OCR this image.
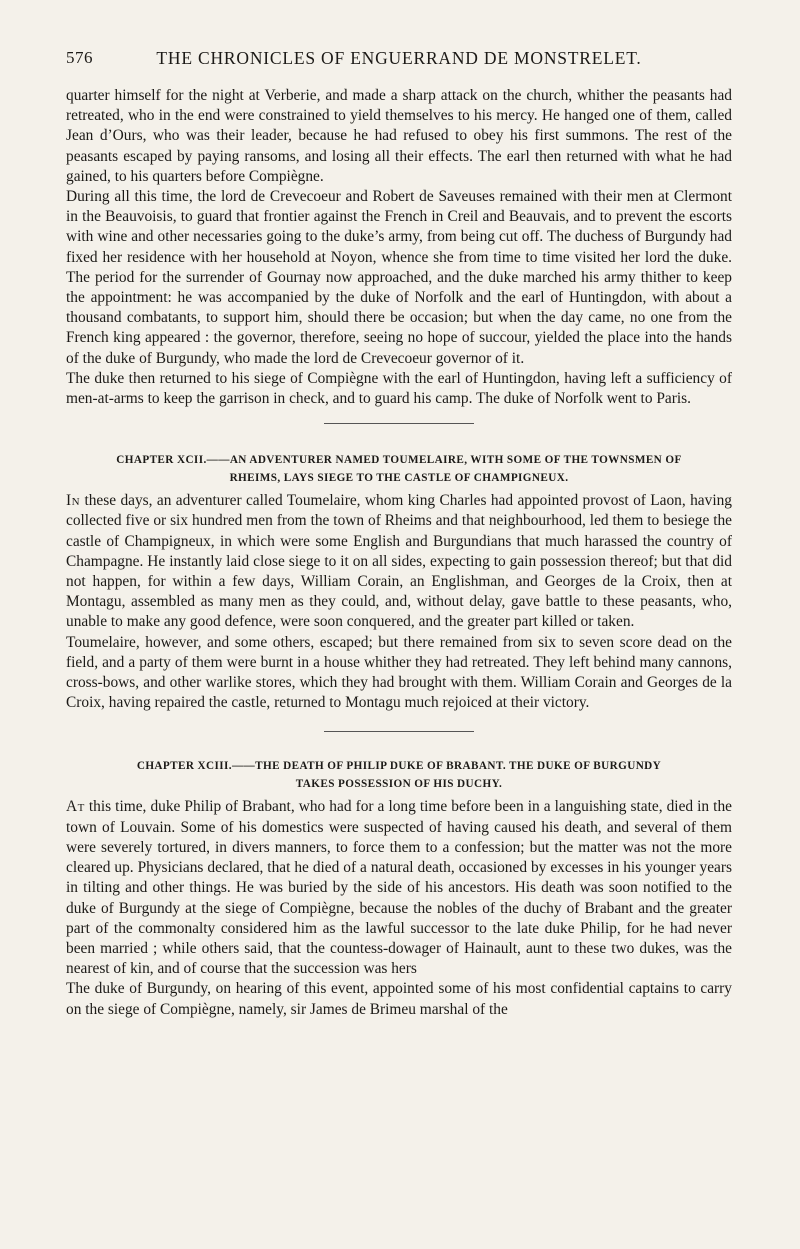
576	THE CHRONICLES OF ENGUERRAND DE MONSTRELET.

quarter himself for the night at Verberie, and made a sharp attack on the church, whither the peasants had retreated, who in the end were constrained to yield themselves to his mercy. He hanged one of them, called Jean d’Ours, who was their leader, because he had refused to obey his first summons. The rest of the peasants escaped by paying ransoms, and losing all their effects. The earl then returned with what he had gained, to his quarters before Compiègne.

During all this time, the lord de Crevecoeur and Robert de Saveuses remained with their men at Clermont in the Beauvoisis, to guard that frontier against the French in Creil and Beauvais, and to prevent the escorts with wine and other necessaries going to the duke’s army, from being cut off. The duchess of Burgundy had fixed her residence with her household at Noyon, whence she from time to time visited her lord the duke. The period for the surrender of Gournay now approached, and the duke marched his army thither to keep the appointment: he was accompanied by the duke of Norfolk and the earl of Huntingdon, with about a thousand combatants, to support him, should there be occasion; but when the day came, no one from the French king appeared : the governor, therefore, seeing no hope of succour, yielded the place into the hands of the duke of Burgundy, who made the lord de Crevecoeur governor of it.

The duke then returned to his siege of Compiègne with the earl of Huntingdon, having left a sufficiency of men-at-arms to keep the garrison in check, and to guard his camp. The duke of Norfolk went to Paris.

CHAPTER XCII.——AN ADVENTURER NAMED TOUMELAIRE, WITH SOME OF THE TOWNSMEN OF
RHEIMS, LAYS SIEGE TO THE CASTLE OF CHAMPIGNEUX.

In these days, an adventurer called Toumelaire, whom king Charles had appointed provost of Laon, having collected five or six hundred men from the town of Rheims and that neighbourhood, led them to besiege the castle of Champigneux, in which were some English and Burgundians that much harassed the country of Champagne. He instantly laid close siege to it on all sides, expecting to gain possession thereof; but that did not happen, for within a few days, William Corain, an Englishman, and Georges de la Croix, then at Montagu, assembled as many men as they could, and, without delay, gave battle to these peasants, who, unable to make any good defence, were soon conquered, and the greater part killed or taken.

Toumelaire, however, and some others, escaped; but there remained from six to seven score dead on the field, and a party of them were burnt in a house whither they had retreated. They left behind many cannons, cross-bows, and other warlike stores, which they had brought with them. William Corain and Georges de la Croix, having repaired the castle, returned to Montagu much rejoiced at their victory.

CHAPTER XCIII.——THE DEATH OF PHILIP DUKE OF BRABANT. THE DUKE OF BURGUNDY
TAKES POSSESSION OF HIS DUCHY.

At this time, duke Philip of Brabant, who had for a long time before been in a languishing state, died in the town of Louvain. Some of his domestics were suspected of having caused his death, and several of them were severely tortured, in divers manners, to force them to a confession; but the matter was not the more cleared up. Physicians declared, that he died of a natural death, occasioned by excesses in his younger years in tilting and other things. He was buried by the side of his ancestors. His death was soon notified to the duke of Burgundy at the siege of Compiègne, because the nobles of the duchy of Brabant and the greater part of the commonalty considered him as the lawful successor to the late duke Philip, for he had never been married ; while others said, that the countess-dowager of Hainault, aunt to these two dukes, was the nearest of kin, and of course that the succession was hers

The duke of Burgundy, on hearing of this event, appointed some of his most confidential captains to carry on the siege of Compiègne, namely, sir James de Brimeu marshal of the
